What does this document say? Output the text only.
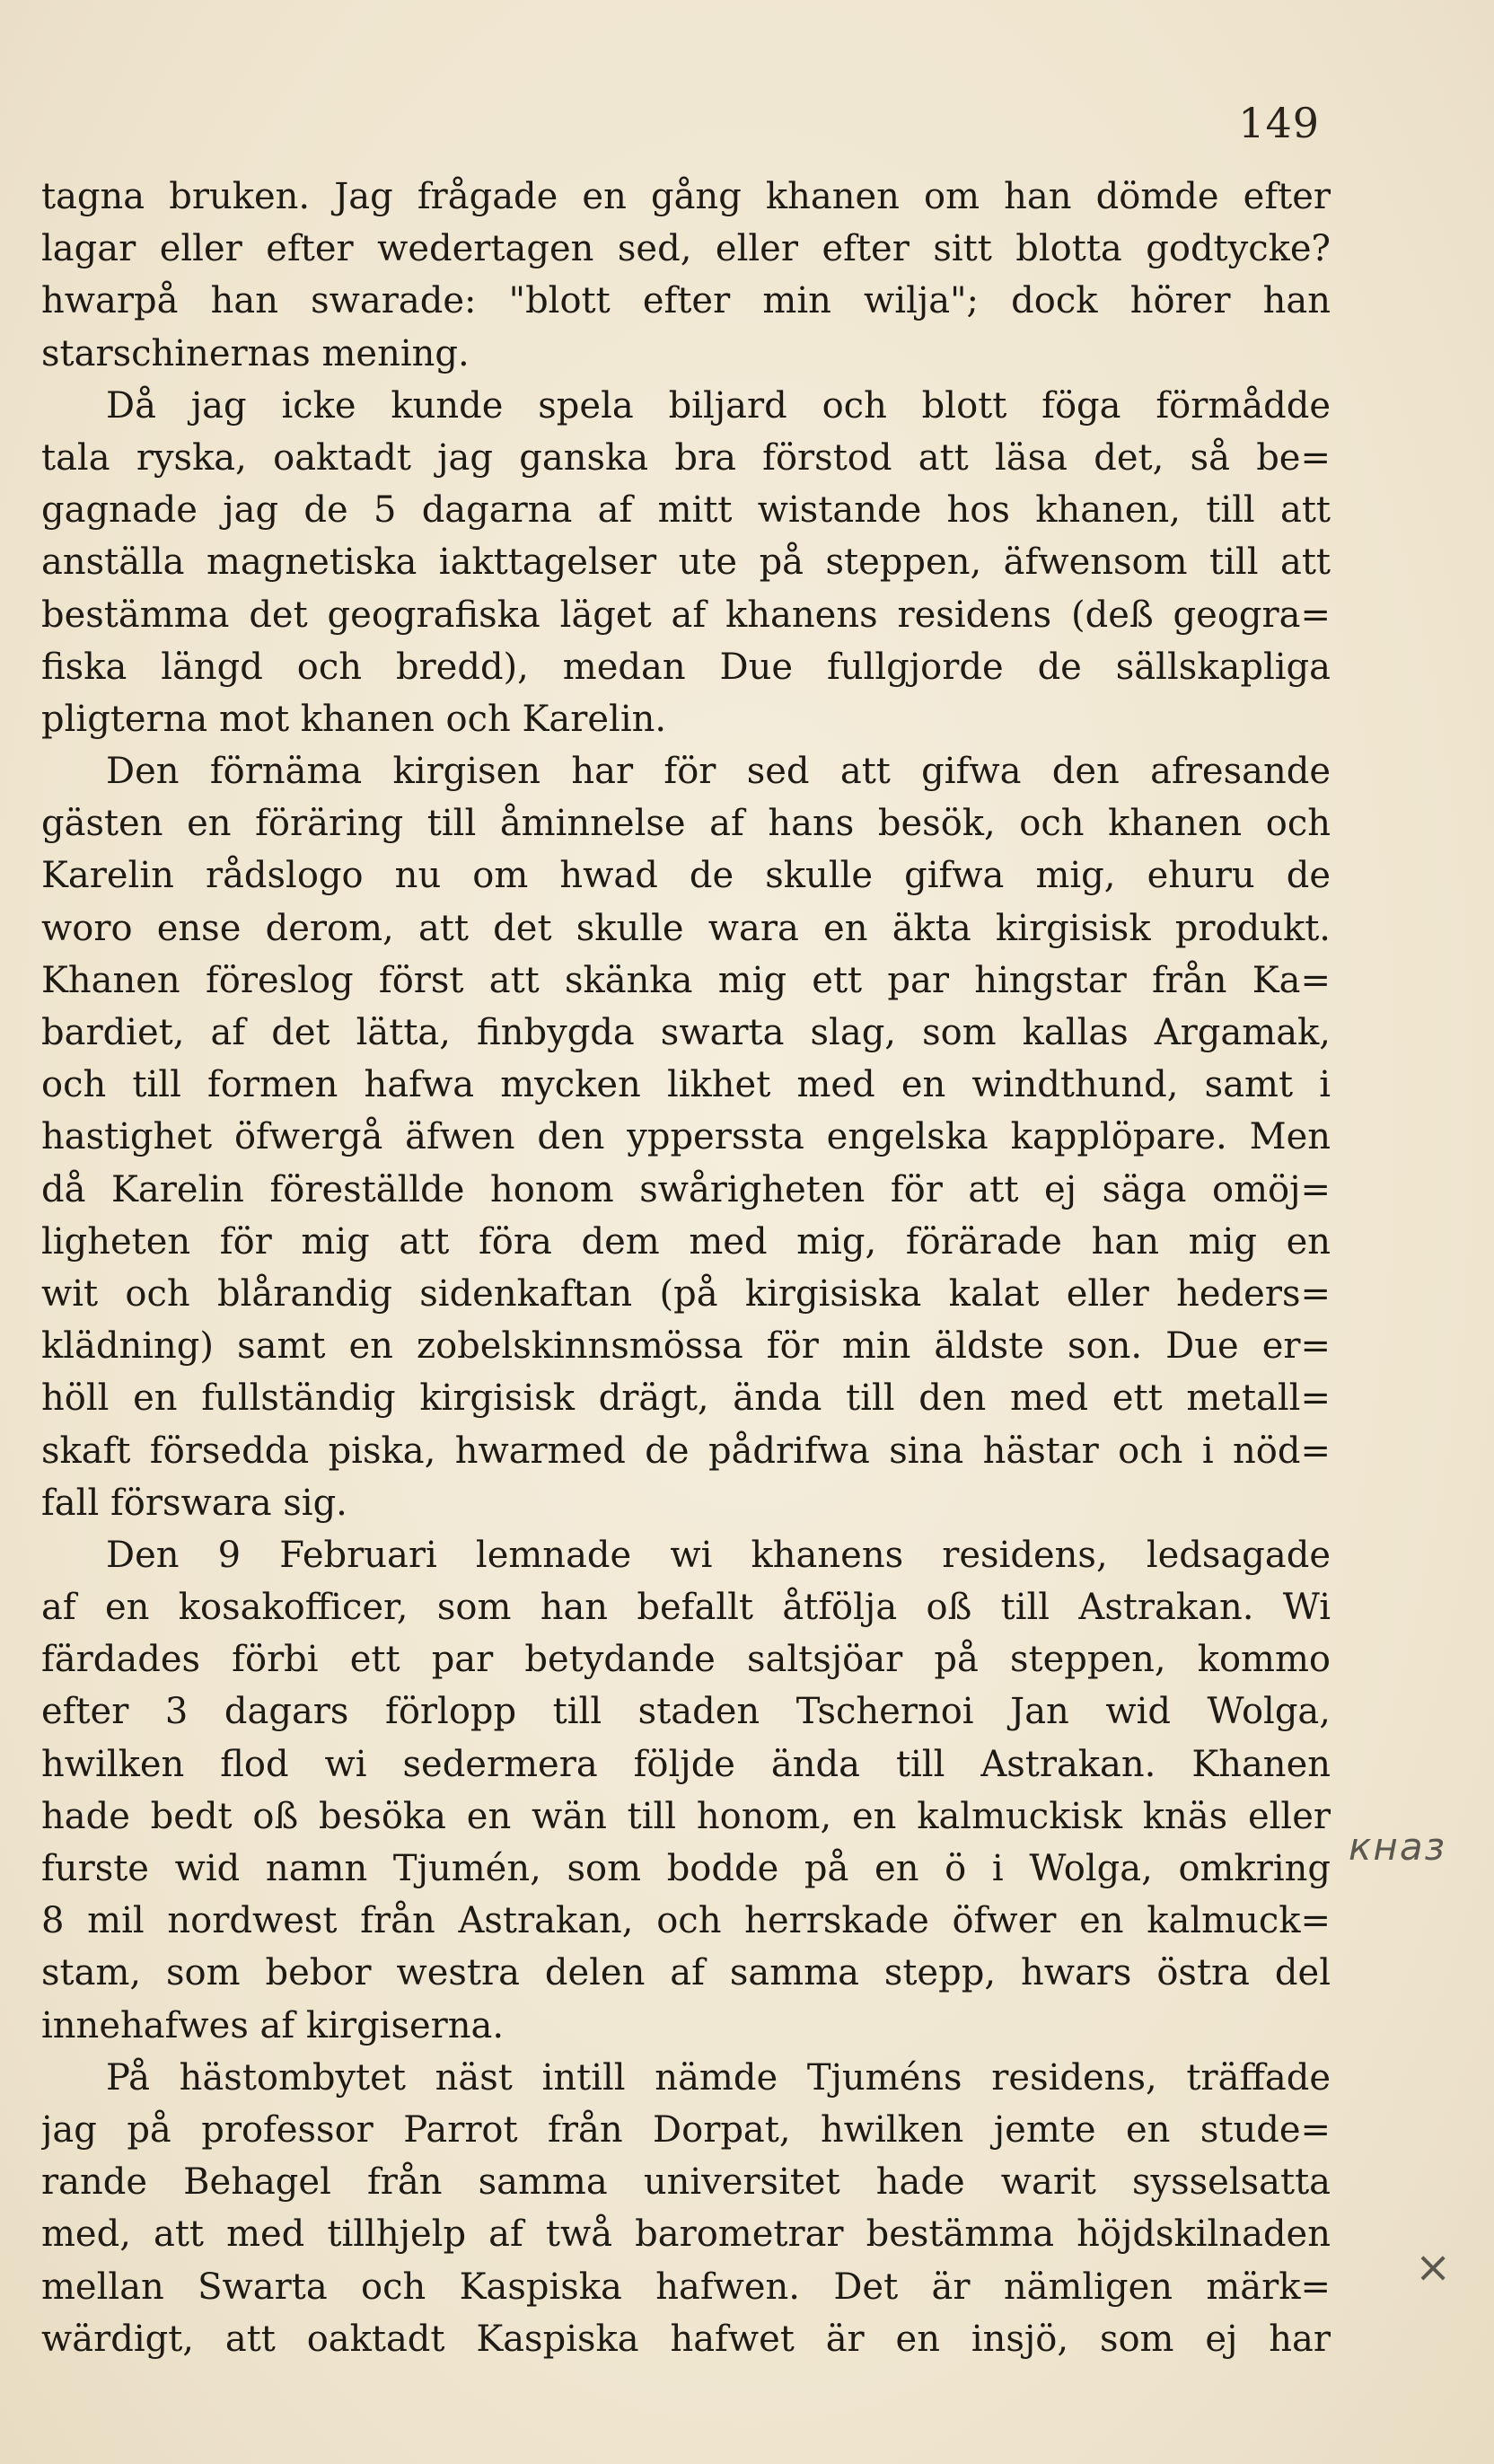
149
tagna bruken. Jag frågade en gång khanen om han dömde efter
lagar eller efter wedertagen sed, eller efter sitt blotta godtycke?
hwarpå han swarade: "blott efter min wilja"; dock hörer han
starschinernas mening.
Då jag icke kunde spela biljard och blott föga förmådde
tala ryska, oaktadt jag ganska bra förstod att läsa det, så be=
gagnade jag de 5 dagarna af mitt wistande hos khanen, till att
anställa magnetiska iakttagelser ute på steppen, äfwensom till att
bestämma det geografiska läget af khanens residens (deß geogra=
fiska längd och bredd), medan Due fullgjorde de sällskapliga
pligterna mot khanen och Karelin.
Den förnäma kirgisen har för sed att gifwa den afresande
gästen en föräring till åminnelse af hans besök, och khanen och
Karelin rådslogo nu om hwad de skulle gifwa mig, ehuru de
woro ense derom, att det skulle wara en äkta kirgisisk produkt.
Khanen föreslog först att skänka mig ett par hingstar från Ka=
bardiet, af det lätta, finbygda swarta slag, som kallas Argamak,
och till formen hafwa mycken likhet med en windthund, samt i
hastighet öfwergå äfwen den ypperssta engelska kapplöpare. Men
då Karelin föreställde honom swårigheten för att ej säga omöj=
ligheten för mig att föra dem med mig, förärade han mig en
wit och blårandig sidenkaftan (på kirgisiska kalat eller heders=
klädning) samt en zobelskinnsmössa för min äldste son. Due er=
höll en fullständig kirgisisk drägt, ända till den med ett metall=
skaft försedda piska, hwarmed de pådrifwa sina hästar och i nöd=
fall förswara sig.
Den 9 Februari lemnade wi khanens residens, ledsagade
af en kosakofficer, som han befallt åtfölja oß till Astrakan. Wi
färdades förbi ett par betydande saltsjöar på steppen, kommo
efter 3 dagars förlopp till staden Tschernoi Jan wid Wolga,
hwilken flod wi sedermera följde ända till Astrakan. Khanen
hade bedt oß besöka en wän till honom, en kalmuckisk knäs eller
furste wid namn Tjumén, som bodde på en ö i Wolga, omkring
8 mil nordwest från Astrakan, och herrskade öfwer en kalmuck=
stam, som bebor westra delen af samma stepp, hwars östra del
innehafwes af kirgiserna.
På hästombytet näst intill nämde Tjuméns residens, träffade
jag på professor Parrot från Dorpat, hwilken jemte en stude=
rande Behagel från samma universitet hade warit sysselsatta
med, att med tillhjelp af twå barometrar bestämma höjdskilnaden
mellan Swarta och Kaspiska hafwen. Det är nämligen märk=
wärdigt, att oaktadt Kaspiska hafwet är en insjö, som ej har
кназ
×
